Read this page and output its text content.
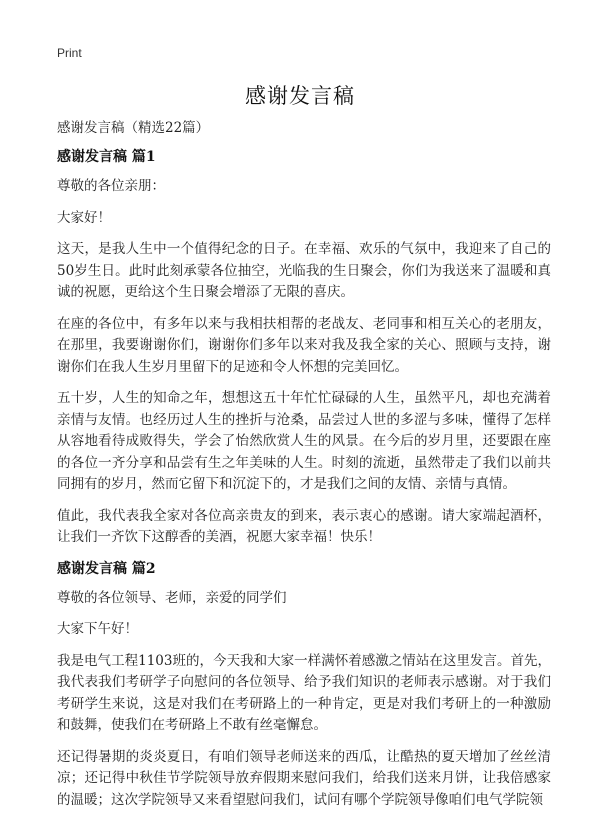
Print
感谢发言稿

感谢发言稿（精选22篇）

感谢发言稿 篇1

尊敬的各位亲朋：

大家好！

这天，是我人生中一个值得纪念的日子。在幸福、欢乐的气氛中，我迎来了自己的50岁生日。此时此刻承蒙各位抽空，光临我的生日聚会，你们为我送来了温暖和真诚的祝愿，更给这个生日聚会增添了无限的喜庆。

在座的各位中，有多年以来与我相扶相帮的老战友、老同事和相互关心的老朋友，在那里，我要谢谢你们，谢谢你们多年以来对我及我全家的关心、照顾与支持，谢谢你们在我人生岁月里留下的足迹和令人怀想的完美回忆。

五十岁，人生的知命之年，想想这五十年忙忙碌碌的人生，虽然平凡，却也充满着亲情与友情。也经历过人生的挫折与沧桑，品尝过人世的多涩与多味，懂得了怎样从容地看待成败得失，学会了怡然欣赏人生的风景。在今后的岁月里，还要跟在座的各位一齐分享和品尝有生之年美味的人生。时刻的流逝，虽然带走了我们以前共同拥有的岁月，然而它留下和沉淀下的，才是我们之间的友情、亲情与真情。

值此，我代表我全家对各位高亲贵友的到来，表示衷心的感谢。请大家端起酒杯，让我们一齐饮下这醇香的美酒，祝愿大家幸福！快乐！

感谢发言稿 篇2

尊敬的各位领导、老师，亲爱的同学们

大家下午好！

我是电气工程1103班的，今天我和大家一样满怀着感激之情站在这里发言。首先，我代表我们考研学子向慰问的各位领导、给予我们知识的老师表示感谢。对于我们考研学生来说，这是对我们在考研路上的一种肯定，更是对我们考研上的一种激励和鼓舞，使我们在考研路上不敢有丝毫懈怠。

还记得暑期的炎炎夏日，有咱们领导老师送来的西瓜，让酷热的夏天增加了丝丝清凉；还记得中秋佳节学院领导放弃假期来慰问我们，给我们送来月饼，让我倍感家的温暖；这次学院领导又来看望慰问我们，试问有哪个学院领导像咱们电气学院领
